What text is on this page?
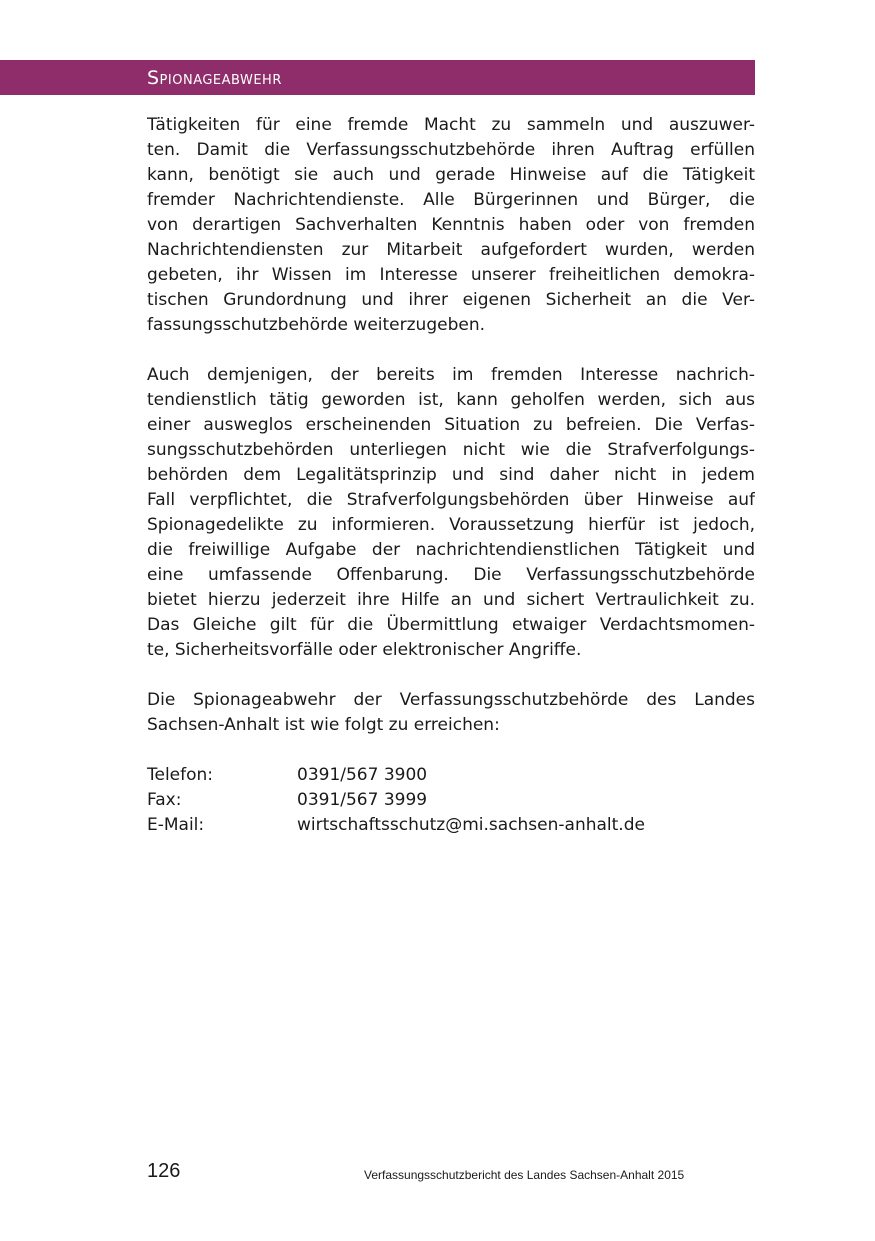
Spionageabwehr
Tätigkeiten für eine fremde Macht zu sammeln und auszuwer-
ten. Damit die Verfassungsschutzbehörde ihren Auftrag erfüllen
kann, benötigt sie auch und gerade Hinweise auf die Tätigkeit
fremder Nachrichtendienste. Alle Bürgerinnen und Bürger, die
von derartigen Sachverhalten Kenntnis haben oder von fremden
Nachrichtendiensten zur Mitarbeit aufgefordert wurden, werden
gebeten, ihr Wissen im Interesse unserer freiheitlichen demokra-
tischen Grundordnung und ihrer eigenen Sicherheit an die Ver-
fassungsschutzbehörde weiterzugeben.
Auch demjenigen, der bereits im fremden Interesse nachrich-
tendienstlich tätig geworden ist, kann geholfen werden, sich aus
einer ausweglos erscheinenden Situation zu befreien. Die Verfas-
sungsschutzbehörden unterliegen nicht wie die Strafverfolgungs-
behörden dem Legalitätsprinzip und sind daher nicht in jedem
Fall verpflichtet, die Strafverfolgungsbehörden über Hinweise auf
Spionagedelikte zu informieren. Voraussetzung hierfür ist jedoch,
die freiwillige Aufgabe der nachrichtendienstlichen Tätigkeit und
eine umfassende Offenbarung. Die Verfassungsschutzbehörde
bietet hierzu jederzeit ihre Hilfe an und sichert Vertraulichkeit zu.
Das Gleiche gilt für die Übermittlung etwaiger Verdachtsmomen-
te, Sicherheitsvorfälle oder elektronischer Angriffe.
Die Spionageabwehr der Verfassungsschutzbehörde des Landes
Sachsen-Anhalt ist wie folgt zu erreichen:
Telefon:	0391/567 3900
Fax:	0391/567 3999
E-Mail:	wirtschaftsschutz@mi.sachsen-anhalt.de
126	Verfassungsschutzbericht des Landes Sachsen-Anhalt 2015
